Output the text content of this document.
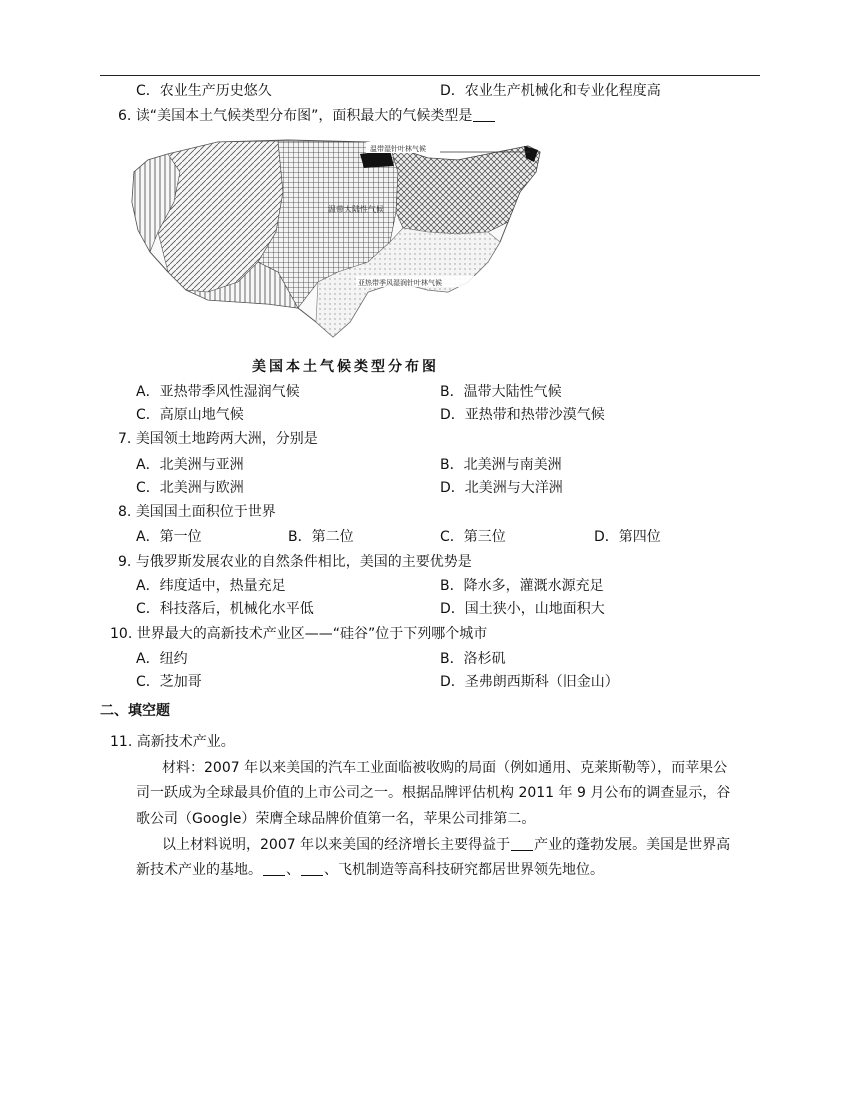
C．农业生产历史悠久	D．农业生产机械化和专业化程度高
6. 读“美国本土气候类型分布图”，面积最大的气候类型是
温带湿针叶林气候
温带大陆性气候
亚热带季风湿润针叶林气候
美国本土气候类型分布图
A．亚热带季风性湿润气候	B．温带大陆性气候
C．高原山地气候	D．亚热带和热带沙漠气候
7. 美国领土地跨两大洲，分别是
A．北美洲与亚洲	B．北美洲与南美洲
C．北美洲与欧洲	D．北美洲与大洋洲
8. 美国国土面积位于世界
A．第一位	B．第二位	C．第三位	D．第四位
9. 与俄罗斯发展农业的自然条件相比，美国的主要优势是
A．纬度适中，热量充足	B．降水多，灌溉水源充足
C．科技落后，机械化水平低	D．国土狭小，山地面积大
10. 世界最大的高新技术产业区——“硅谷”位于下列哪个城市
A．纽约	B．洛杉矶
C．芝加哥	D．圣弗朗西斯科（旧金山）
二、填空题
11. 高新技术产业。
材料：2007 年以来美国的汽车工业面临被收购的局面（例如通用、克莱斯勒等），而苹果公
司一跃成为全球最具价值的上市公司之一。根据品牌评估机构 2011 年 9 月公布的调查显示，谷
歌公司（Google）荣膺全球品牌价值第一名，苹果公司排第二。
以上材料说明，2007 年以来美国的经济增长主要得益于 产业的蓬勃发展。美国是世界高
新技术产业的基地。 、 、飞机制造等高科技研究都居世界领先地位。
